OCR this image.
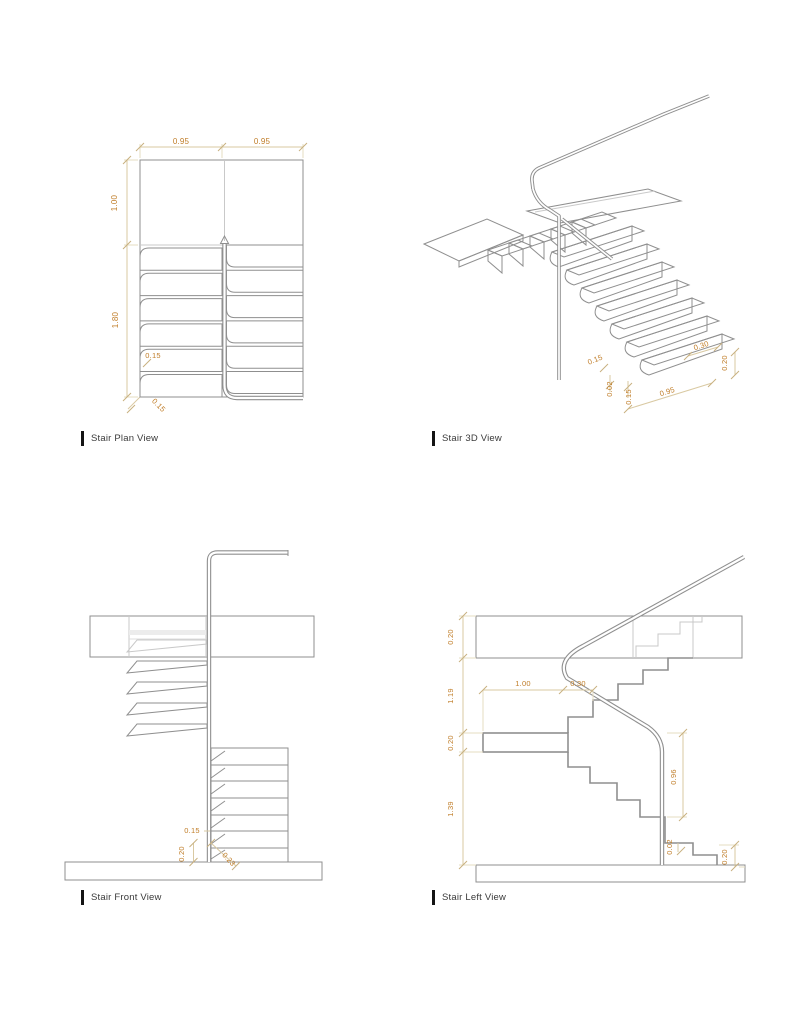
0.95	0.95
1.00
1.80
0.15
0.15
0.15
0.02
0.15	0.95
0.30
0.20
0.15
0.20	0.23
0.20
1.19
0.20
1.39
1.00	0.30
0.96
0.02
0.20
Stair Plan View	Stair 3D View
Stair Front View	Stair Left View
